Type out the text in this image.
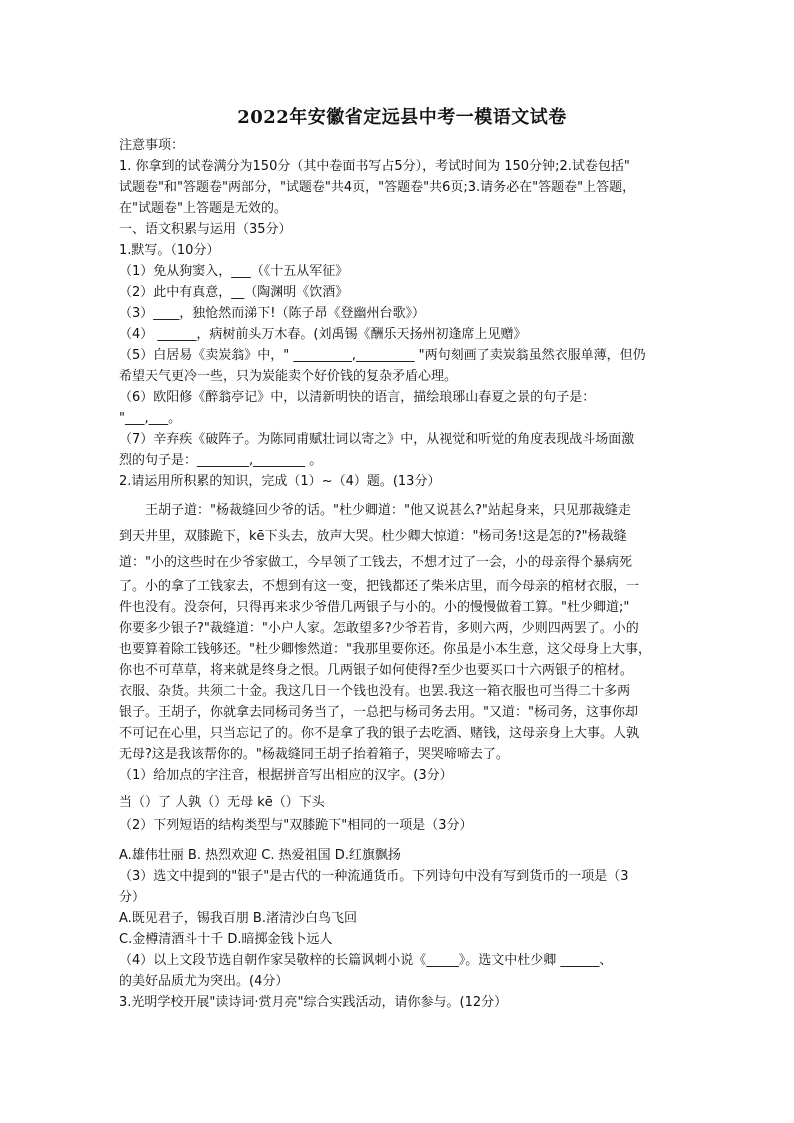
2022年安徽省定远县中考一模语文试卷

注意事项：

1. 你拿到的试卷满分为150分（其中卷面书写占5分），考试时间为 150分钟;2.试卷包括"

试题卷"和"答题卷"两部分，"试题卷"共4页，"答题卷"共6页;3.请务必在"答题卷"上答题，

在"试题卷"上答题是无效的。

一、语文积累与运用（35分）

1.默写。（10分）

（1）免从狗窦入，___（《十五从军征》

（2）此中有真意，__（陶渊明《饮酒》

（3）____，独怆然而涕下!（陈子昂《登幽州台歌》）

（4） ______，病树前头万木春。(刘禹锡《酬乐天扬州初逢席上见赠》

（5）白居易《卖炭翁》中，" _________,_________ "两句刻画了卖炭翁虽然衣服单薄，但仍

希望天气更冷一些，只为炭能卖个好价钱的复杂矛盾心理。

（6）欧阳修《醉翁亭记》中，以清新明快的语言，描绘琅琊山春夏之景的句子是：

"___,___。

（7）辛弃疾《破阵子。为陈同甫赋壮词以寄之》中，从视觉和听觉的角度表现战斗场面激

烈的句子是：________,________ 。

2.请运用所积累的知识，完成（1）~（4）题。(13分）

王胡子道："杨裁缝回少爷的话。"杜少卿道："他又说甚么?"站起身来，只见那裁缝走

到天井里，双膝跪下，kē下头去，放声大哭。杜少卿大惊道："杨司务!这是怎的?"杨裁缝

道："小的这些时在少爷家做工，今早领了工钱去，不想才过了一会，小的母亲得个暴病死

了。小的拿了工钱家去，不想到有这一变，把钱都还了柴米店里，而今母亲的棺材衣服，一

件也没有。没奈何，只得再来求少爷借几两银子与小的。小的慢慢做着工算。"杜少卿道;"

你要多少银子?"裁缝道："小户人家。怎敢望多?少爷若肯，多则六两，少则四两罢了。小的

也要算着除工钱够还。"杜少卿惨然道："我那里要你还。你虽是小本生意，这父母身上大事，

你也不可草草，将来就是终身之恨。几两银子如何使得?至少也要买口十六两银子的棺材。

衣服、杂货。共须二十金。我这几日一个钱也没有。也罢.我这一箱衣服也可当得二十多两

银子。王胡子，你就拿去同杨司务当了，一总把与杨司务去用。"又道："杨司务，这事你却

不可记在心里，只当忘记了的。你不是拿了我的银子去吃酒、赌钱，这母亲身上大事。人孰

无母?这是我该帮你的。"杨裁缝同王胡子抬着箱子，哭哭啼啼去了。

（1）给加点的字注音，根据拼音写出相应的汉字。(3分）

当（）了 人孰（）无母 kē（）下头

（2）下列短语的结构类型与"双膝跪下"相同的一项是（3分）

A.雄伟壮丽 B. 热烈欢迎 C. 热爱祖国 D.红旗飘扬

（3）选文中提到的"银子"是古代的一种流通货币。下列诗句中没有写到货币的一项是（3

分）

A.既见君子，锡我百朋 B.渚清沙白鸟飞回

C.金樽清酒斗十千 D.暗掷金钱卜远人

（4）以上文段节选自朝作家吴敬梓的长篇讽刺小说《_____》。选文中杜少卿 ______、

的美好品质尤为突出。(4分）

3.光明学校开展"读诗词·赏月亮"综合实践活动，请你参与。(12分）
